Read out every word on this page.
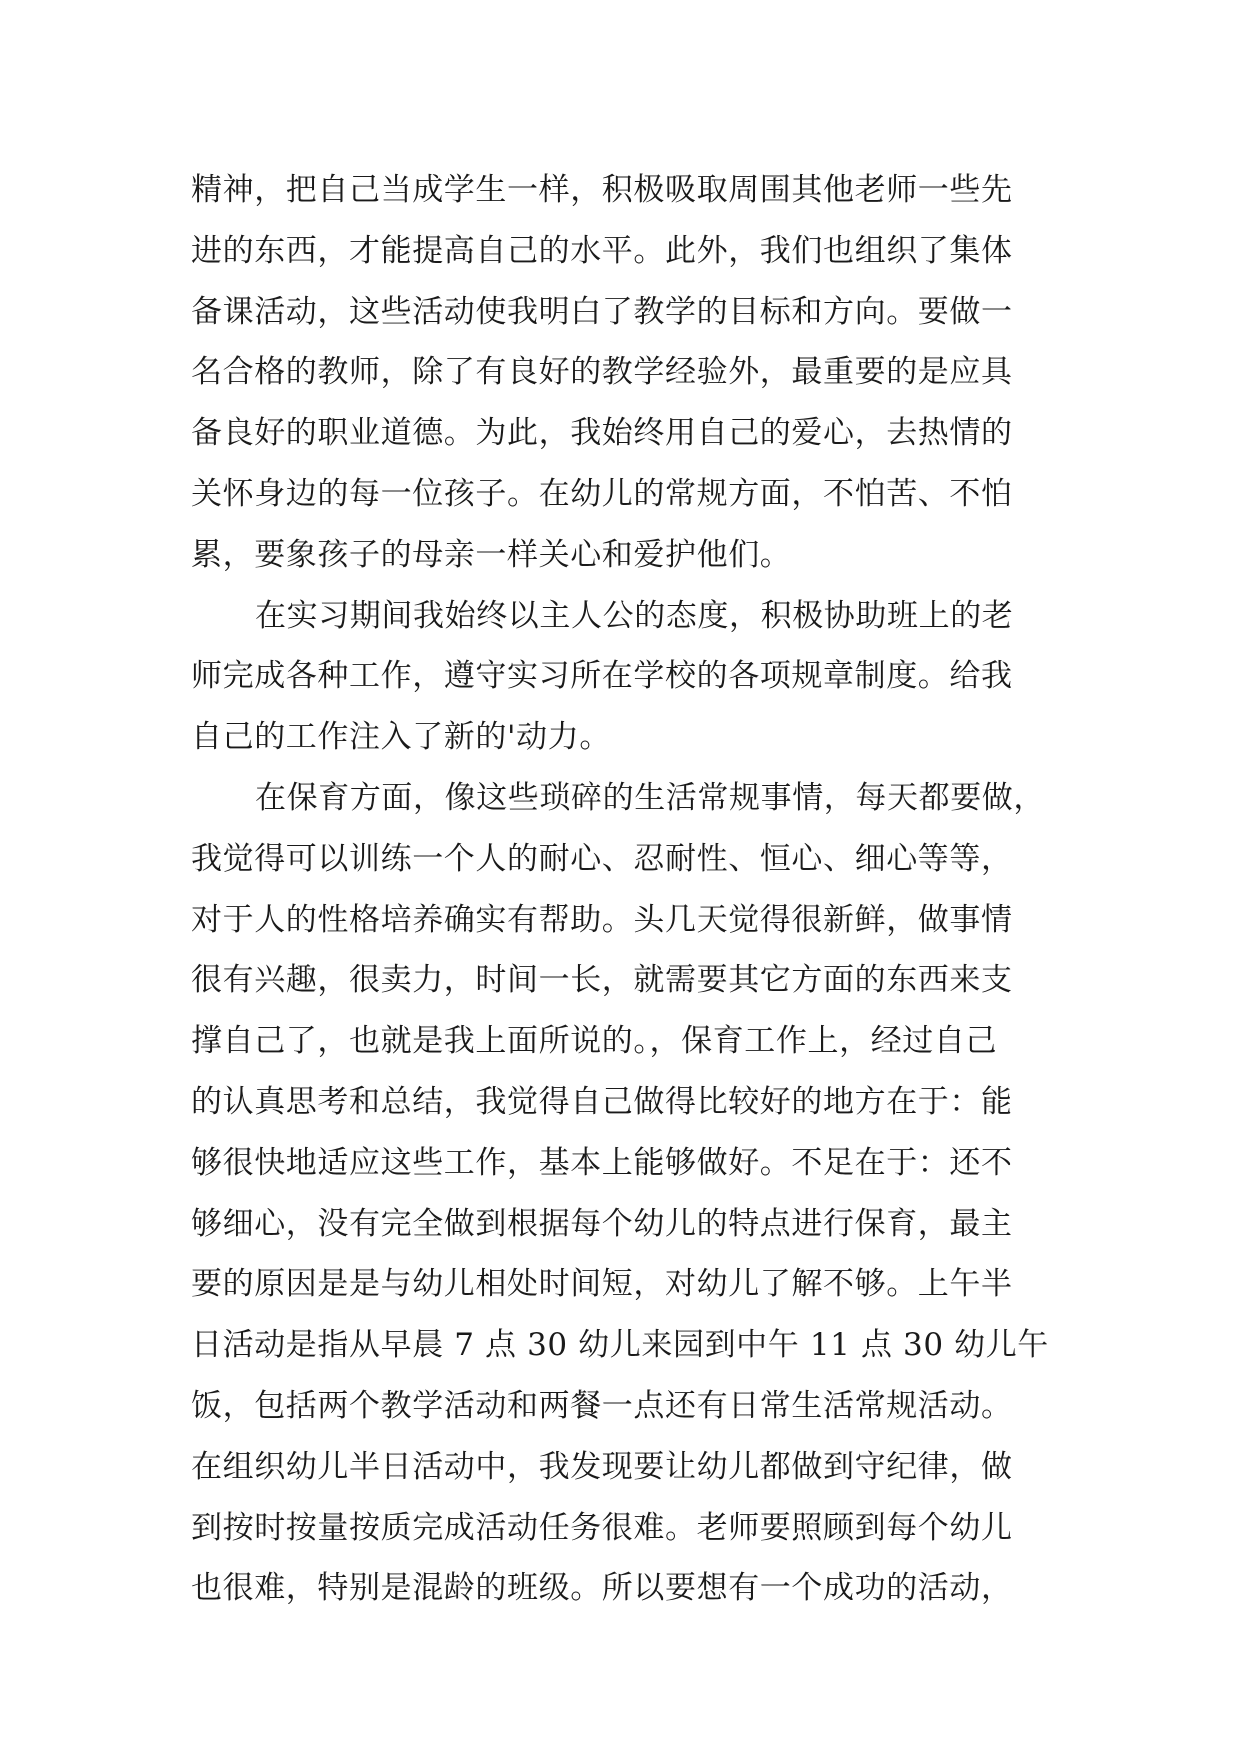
精神，把自己当成学生一样，积极吸取周围其他老师一些先
进的东西，才能提高自己的水平。此外，我们也组织了集体
备课活动，这些活动使我明白了教学的目标和方向。要做一
名合格的教师，除了有良好的教学经验外，最重要的是应具
备良好的职业道德。为此，我始终用自己的爱心，去热情的
关怀身边的每一位孩子。在幼儿的常规方面，不怕苦、不怕
累，要象孩子的母亲一样关心和爱护他们。
在实习期间我始终以主人公的态度，积极协助班上的老
师完成各种工作，遵守实习所在学校的各项规章制度。给我
自己的工作注入了新的'动力。
在保育方面，像这些琐碎的生活常规事情，每天都要做，
我觉得可以训练一个人的耐心、忍耐性、恒心、细心等等，
对于人的性格培养确实有帮助。头几天觉得很新鲜，做事情
很有兴趣，很卖力，时间一长，就需要其它方面的东西来支
撑自己了，也就是我上面所说的。，保育工作上，经过自己
的认真思考和总结，我觉得自己做得比较好的地方在于：能
够很快地适应这些工作，基本上能够做好。不足在于：还不
够细心，没有完全做到根据每个幼儿的特点进行保育，最主
要的原因是是与幼儿相处时间短，对幼儿了解不够。上午半
日活动是指从早晨 7 点 30 幼儿来园到中午 11 点 30 幼儿午
饭，包括两个教学活动和两餐一点还有日常生活常规活动。
在组织幼儿半日活动中，我发现要让幼儿都做到守纪律，做
到按时按量按质完成活动任务很难。老师要照顾到每个幼儿
也很难，特别是混龄的班级。所以要想有一个成功的活动，
